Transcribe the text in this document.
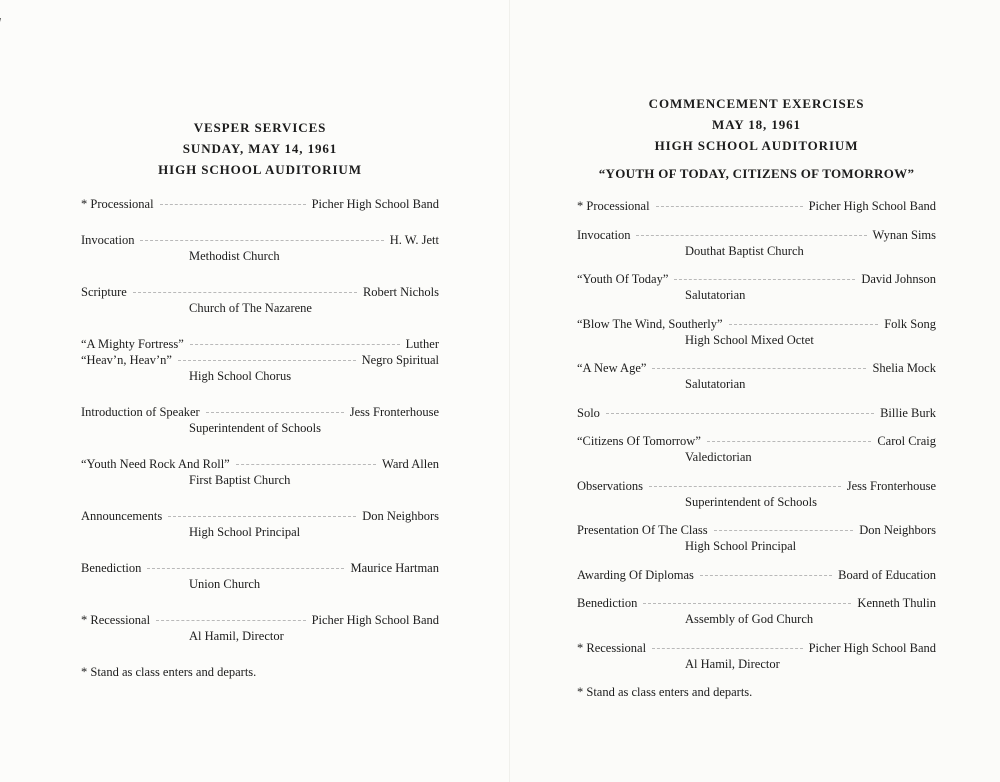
VESPER SERVICES

SUNDAY, MAY 14, 1961

HIGH SCHOOL AUDITORIUM

* Processional	Picher High School Band
Invocation	H. W. Jett
Methodist Church
Scripture	Robert Nichols
Church of The Nazarene
“A Mighty Fortress”	Luther
“Heav’n, Heav’n”	Negro Spiritual
High School Chorus
Introduction of Speaker	Jess Fronterhouse
Superintendent of Schools
“Youth Need Rock And Roll”	Ward Allen
First Baptist Church
Announcements	Don Neighbors
High School Principal
Benediction	Maurice Hartman
Union Church
* Recessional	Picher High School Band
Al Hamil, Director
* Stand as class enters and departs.

COMMENCEMENT EXERCISES

MAY 18, 1961

HIGH SCHOOL AUDITORIUM

“YOUTH OF TODAY, CITIZENS OF TOMORROW”

* Processional	Picher High School Band
Invocation	Wynan Sims
Douthat Baptist Church
“Youth Of Today”	David Johnson
Salutatorian
“Blow The Wind, Southerly”	Folk Song
High School Mixed Octet
“A New Age”	Shelia Mock
Salutatorian
Solo	Billie Burk
“Citizens Of Tomorrow”	Carol Craig
Valedictorian
Observations	Jess Fronterhouse
Superintendent of Schools
Presentation Of The Class	Don Neighbors
High School Principal
Awarding Of Diplomas	Board of Education
Benediction	Kenneth Thulin
Assembly of God Church
* Recessional	Picher High School Band
Al Hamil, Director
* Stand as class enters and departs.
